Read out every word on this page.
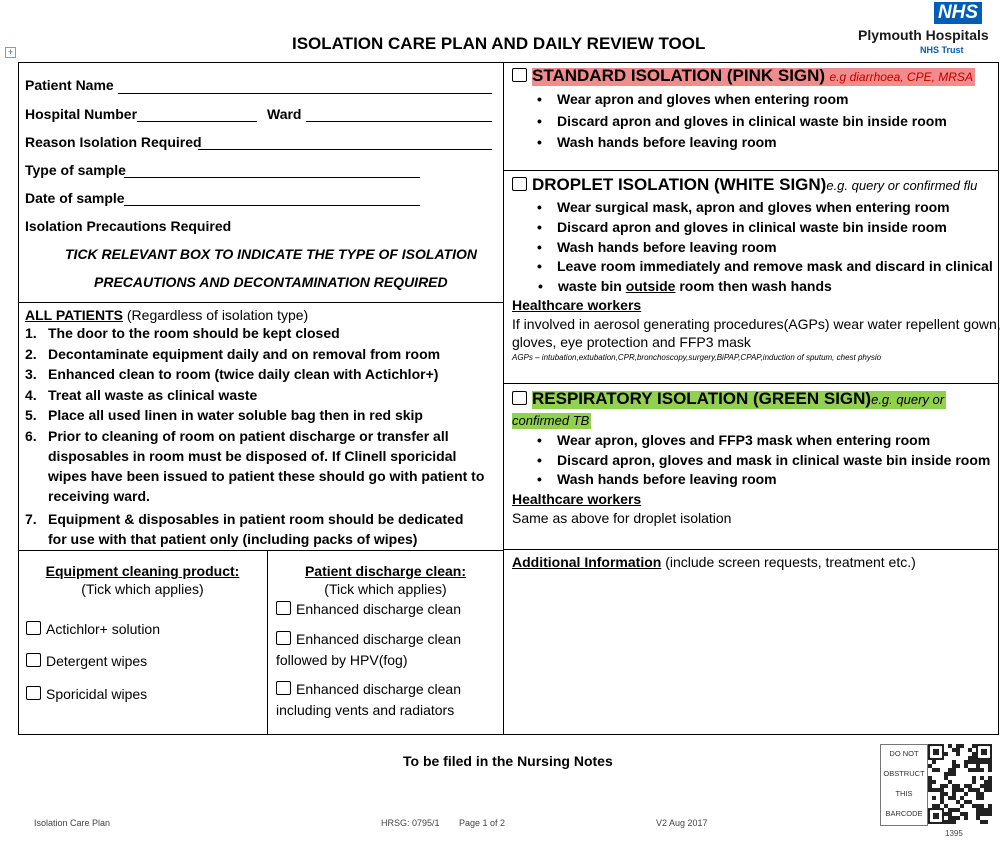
+	ISOLATION CARE PLAN AND DAILY REVIEW TOOL
NHS
Plymouth Hospitals
NHS Trust
Patient Name
Hospital Number	Ward
Reason Isolation Required
Type of sample
Date of sample
Isolation Precautions Required
TICK RELEVANT BOX TO INDICATE THE TYPE OF ISOLATION
PRECAUTIONS AND DECONTAMINATION REQUIRED
ALL PATIENTS (Regardless of isolation type)
1. The door to the room should be kept closed
2. Decontaminate equipment daily and on removal from room
3. Enhanced clean to room (twice daily clean with Actichlor+)
4. Treat all waste as clinical waste
5. Place all used linen in water soluble bag then in red skip
6. Prior to cleaning of room on patient discharge or transfer all
disposables in room must be disposed of. If Clinell sporicidal
wipes have been issued to patient these should go with patient to
receiving ward.
7. Equipment & disposables in patient room should be dedicated
for use with that patient only (including packs of wipes)
Equipment cleaning product:
(Tick which applies)
Actichlor+ solution
Detergent wipes
Sporicidal wipes
Patient discharge clean:
(Tick which applies)
Enhanced discharge clean
Enhanced discharge clean
followed by HPV(fog)
Enhanced discharge clean
including vents and radiators
STANDARD ISOLATION (PINK SIGN) e.g diarrhoea, CPE, MRSA
• Wear apron and gloves when entering room
• Discard apron and gloves in clinical waste bin inside room
• Wash hands before leaving room
DROPLET ISOLATION (WHITE SIGN)e.g. query or confirmed flu
• Wear surgical mask, apron and gloves when entering room
• Discard apron and gloves in clinical waste bin inside room
• Wash hands before leaving room
• Leave room immediately and remove mask and discard in clinical
• waste bin outside room then wash hands
Healthcare workers
If involved in aerosol generating procedures(AGPs) wear water repellent gown,
gloves, eye protection and FFP3 mask
AGPs – intubation,extubation,CPR,bronchoscopy,surgery,BiPAP,CPAP,induction of sputum, chest physio
RESPIRATORY ISOLATION (GREEN SIGN)e.g. query or
confirmed TB
• Wear apron, gloves and FFP3 mask when entering room
• Discard apron, gloves and mask in clinical waste bin inside room
• Wash hands before leaving room
Healthcare workers
Same as above for droplet isolation
Additional Information (include screen requests, treatment etc.)
To be filed in the Nursing Notes
Isolation Care Plan	HRSG: 0795/1 Page 1 of 2	V2 Aug 2017
DO NOT
OBSTRUCT
THIS
BARCODE
1395
